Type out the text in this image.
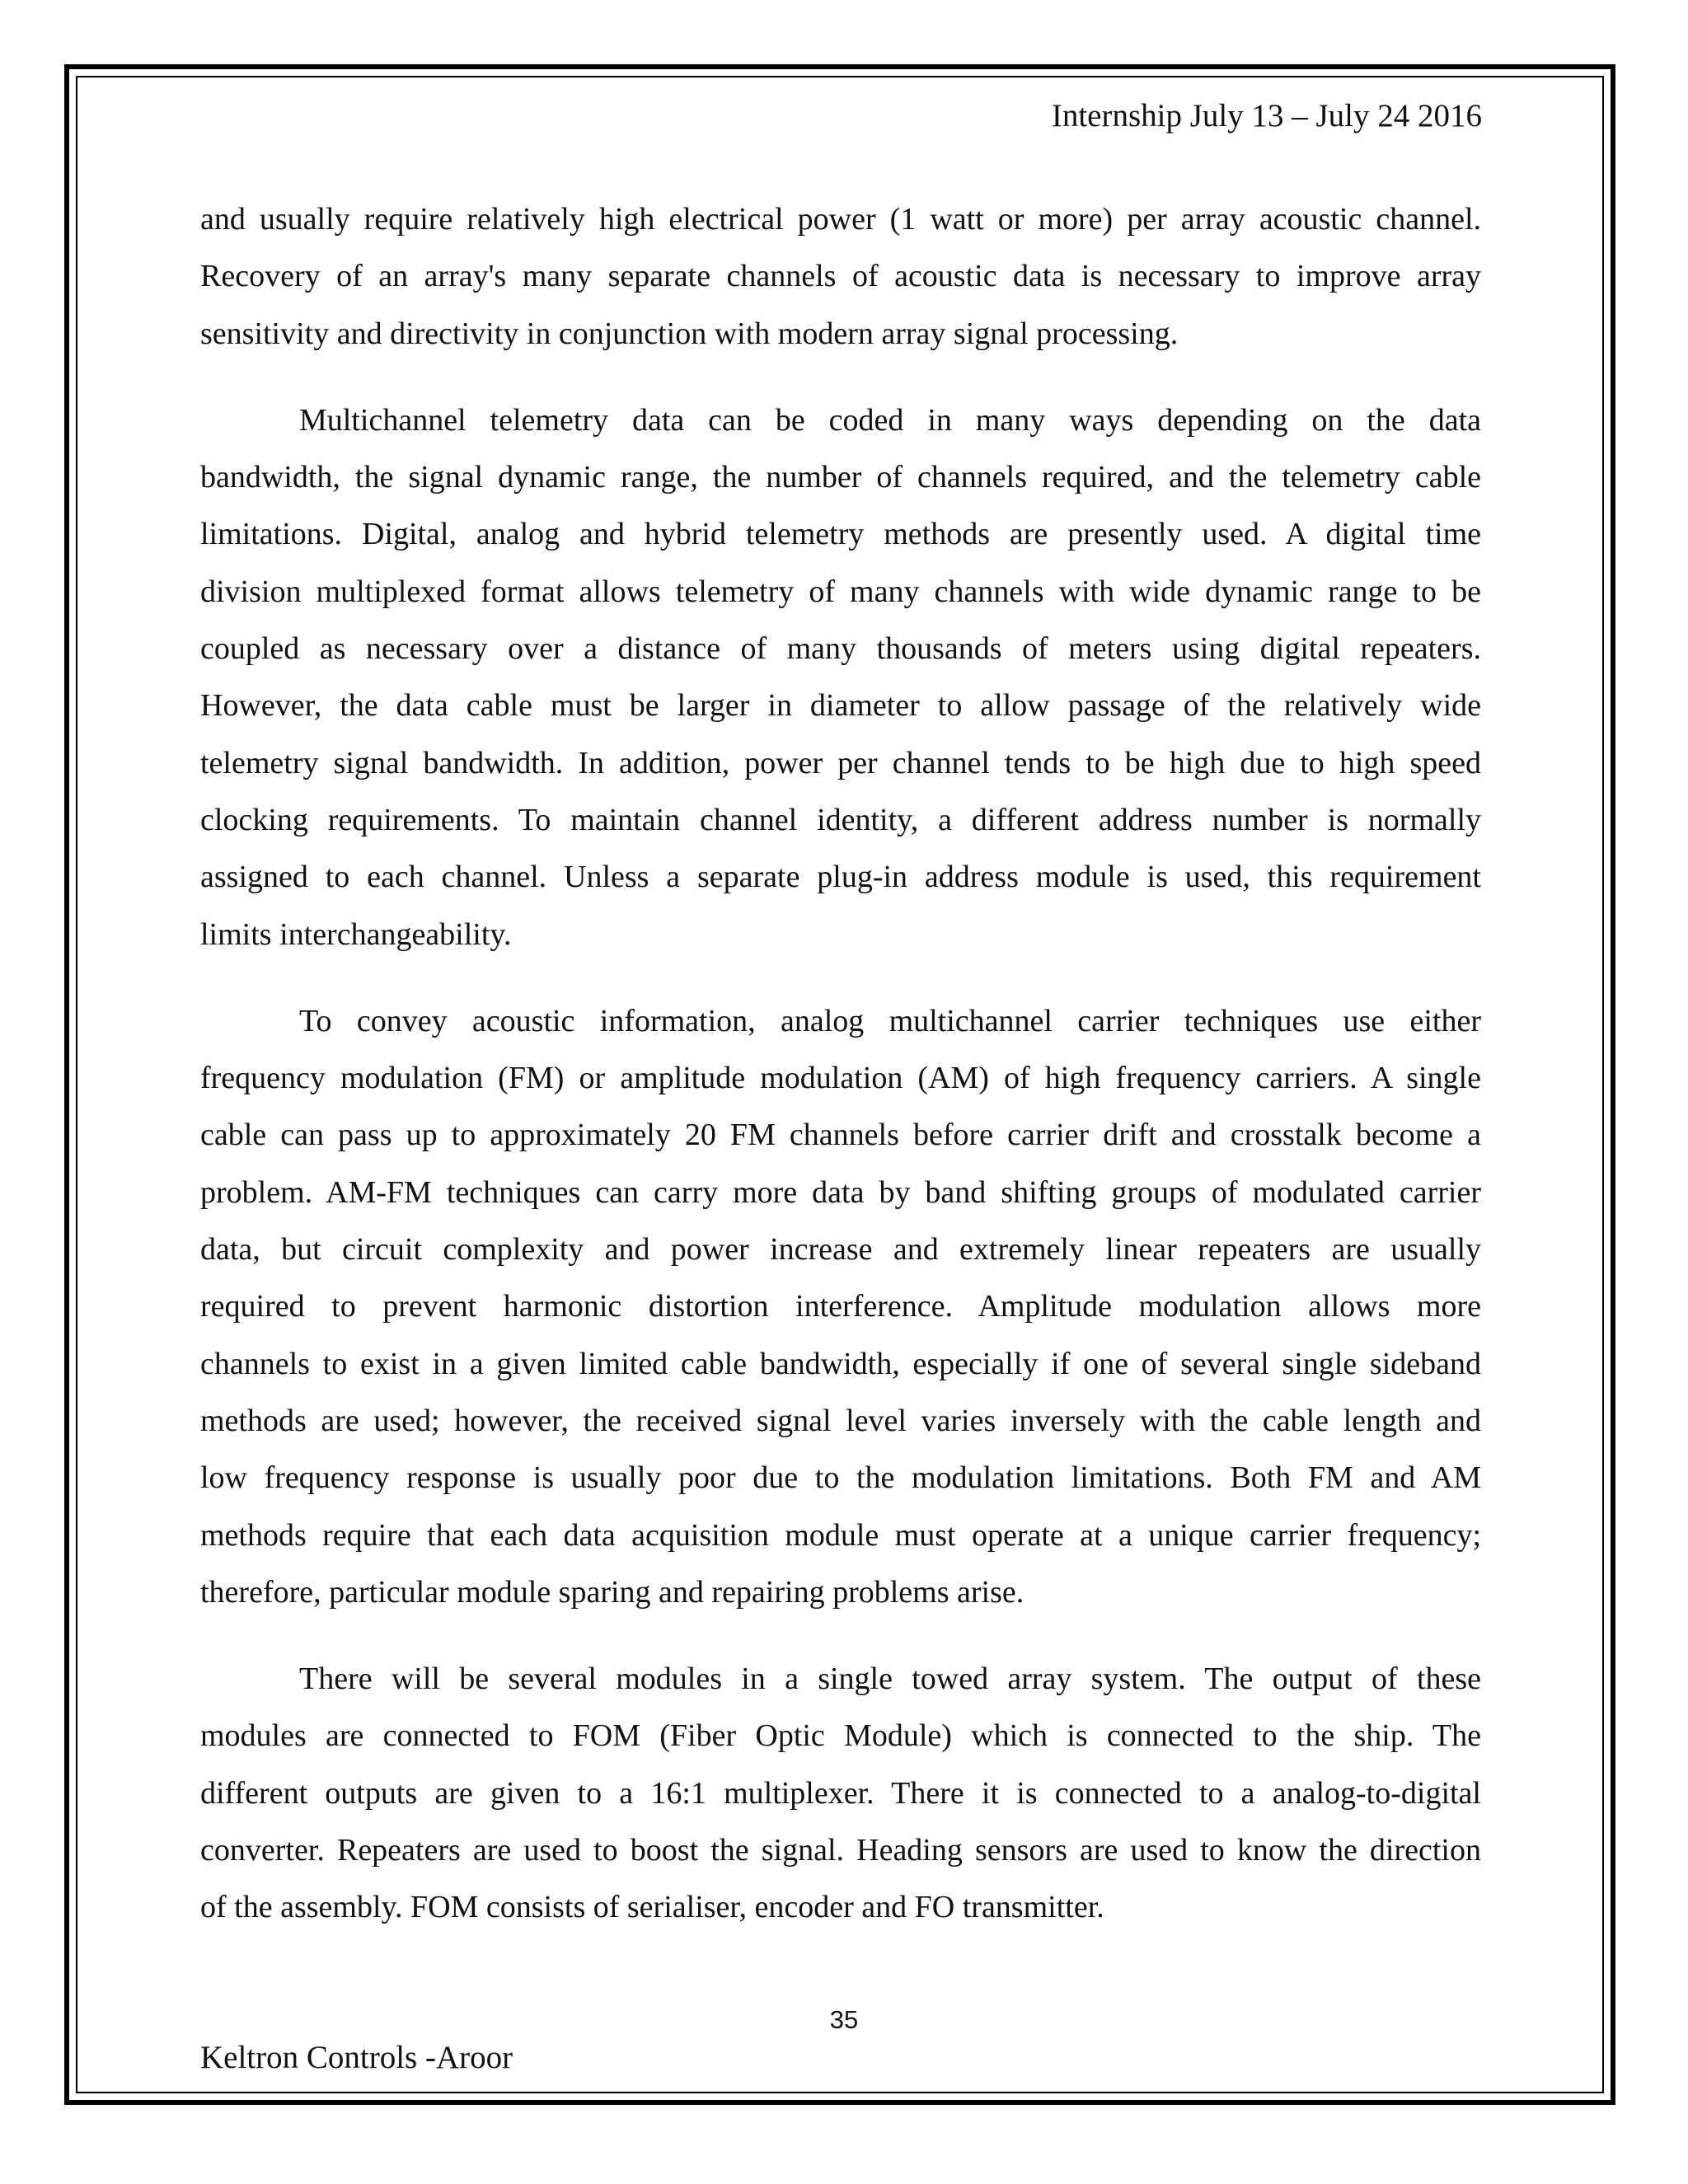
Internship July 13 – July 24 2016

and usually require relatively high electrical power (1 watt or more) per array acoustic channel.
Recovery of an array's many separate channels of acoustic data is necessary to improve array
sensitivity and directivity in conjunction with modern array signal processing.

Multichannel telemetry data can be coded in many ways depending on the data
bandwidth, the signal dynamic range, the number of channels required, and the telemetry cable
limitations. Digital, analog and hybrid telemetry methods are presently used. A digital time
division multiplexed format allows telemetry of many channels with wide dynamic range to be
coupled as necessary over a distance of many thousands of meters using digital repeaters.
However, the data cable must be larger in diameter to allow passage of the relatively wide
telemetry signal bandwidth. In addition, power per channel tends to be high due to high speed
clocking requirements. To maintain channel identity, a different address number is normally
assigned to each channel. Unless a separate plug-in address module is used, this requirement
limits interchangeability.

To convey acoustic information, analog multichannel carrier techniques use either
frequency modulation (FM) or amplitude modulation (AM) of high frequency carriers. A single
cable can pass up to approximately 20 FM channels before carrier drift and crosstalk become a
problem. AM-FM techniques can carry more data by band shifting groups of modulated carrier
data, but circuit complexity and power increase and extremely linear repeaters are usually
required to prevent harmonic distortion interference. Amplitude modulation allows more
channels to exist in a given limited cable bandwidth, especially if one of several single sideband
methods are used; however, the received signal level varies inversely with the cable length and
low frequency response is usually poor due to the modulation limitations. Both FM and AM
methods require that each data acquisition module must operate at a unique carrier frequency;
therefore, particular module sparing and repairing problems arise.

There will be several modules in a single towed array system. The output of these
modules are connected to FOM (Fiber Optic Module) which is connected to the ship. The
different outputs are given to a 16:1 multiplexer. There it is connected to a analog-to-digital
converter. Repeaters are used to boost the signal. Heading sensors are used to know the direction
of the assembly. FOM consists of serialiser, encoder and FO transmitter.

35
Keltron Controls -Aroor
